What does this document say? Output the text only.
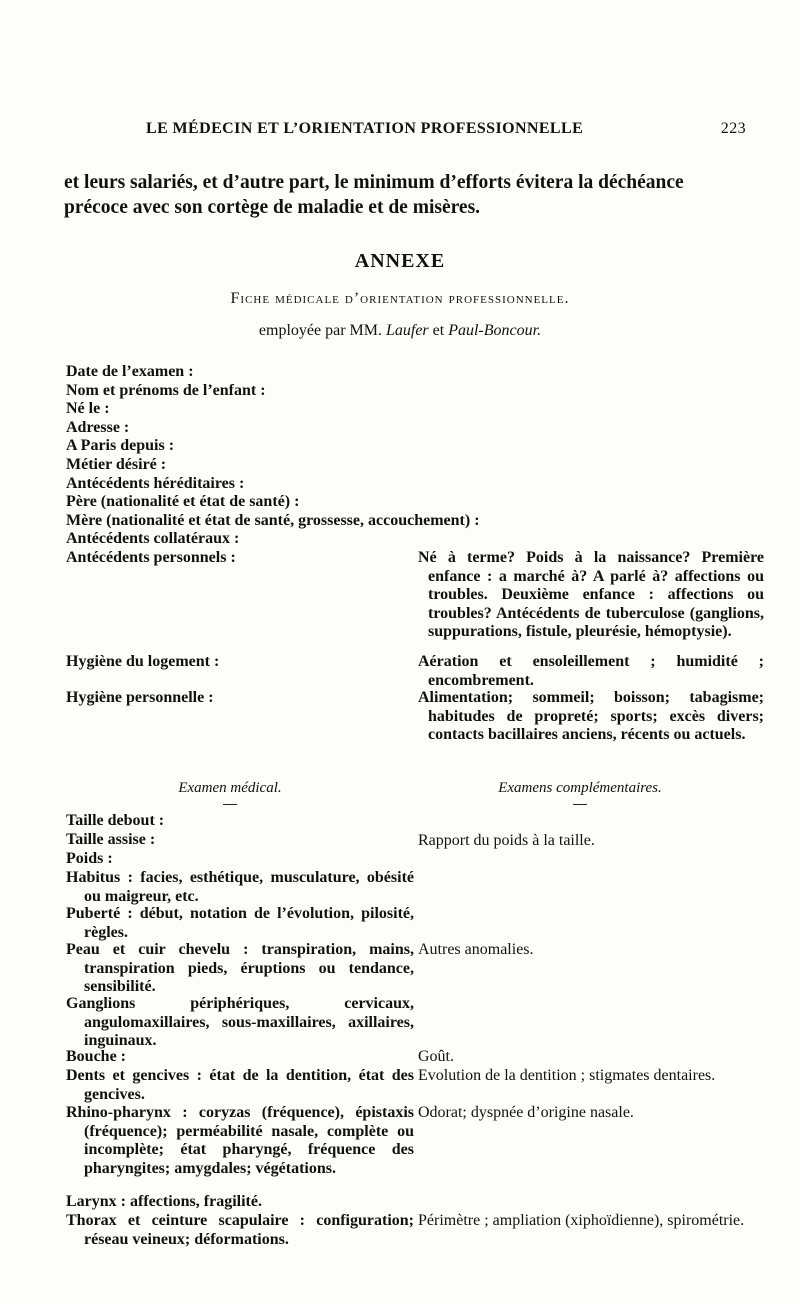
LE MÉDECIN ET L’ORIENTATION PROFESSIONNELLE	223
et leurs salariés, et d’autre part, le minimum d’efforts évitera la déchéance
précoce avec son cortège de maladie et de misères.
ANNEXE
Fiche médicale d’orientation professionnelle.
employée par MM. Laufer et Paul-Boncour.
Date de l’examen :
Nom et prénoms de l’enfant :
Né le :
Adresse :
A Paris depuis :
Métier désiré :
Antécédents héréditaires :
Père (nationalité et état de santé) :
Mère (nationalité et état de santé, grossesse, accouchement) :
Antécédents collatéraux :
Antécédents personnels :
Hygiène du logement :
Hygiène personnelle :
Né à terme? Poids à la naissance? Première enfance : a marché à? A parlé à? affections ou troubles. Deuxième enfance : affections ou troubles? Antécédents de tuberculose (ganglions, suppurations, fistule, pleurésie, hémoptysie).
Aération et ensoleillement ; humidité ; encombrement.
Alimentation; sommeil; boisson; tabagisme; habitudes de propreté; sports; excès divers; contacts bacillaires anciens, récents ou actuels.
Examen médical.	Examens complémentaires.
Taille debout :
Taille assise :
Poids :
Habitus : facies, esthétique, musculature, obésité ou maigreur, etc.
Puberté : début, notation de l’évolution, pilosité, règles.
Peau et cuir chevelu : transpiration, mains, transpiration pieds, éruptions ou tendance, sensibilité.
Ganglions périphériques, cervicaux, angulomaxillaires, sous-maxillaires, axillaires, inguinaux.
Bouche :
Dents et gencives : état de la dentition, état des gencives.
Rhino-pharynx : coryzas (fréquence), épistaxis (fréquence); perméabilité nasale, complète ou incomplète; état pharyngé, fréquence des pharyngites; amygdales; végétations.
Larynx : affections, fragilité.
Thorax et ceinture scapulaire : configuration; réseau veineux; déformations.
Rapport du poids à la taille.
Autres anomalies.
Goût.
Evolution de la dentition ; stigmates dentaires.
Odorat; dyspnée d’origine nasale.
Périmètre ; ampliation (xiphoïdienne), spirométrie.
